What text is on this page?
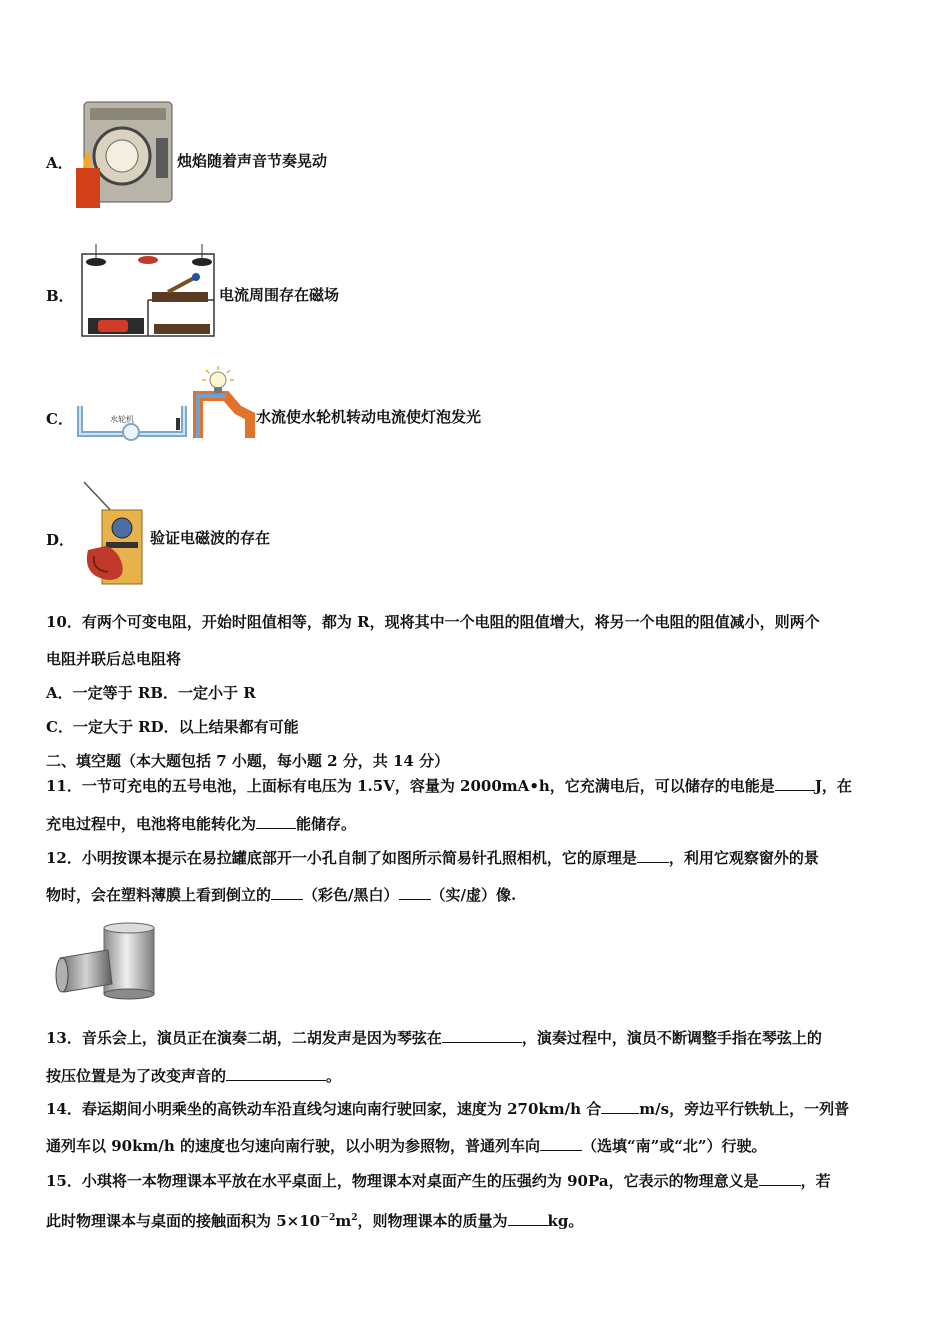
A．	烛焰随着声音节奏晃动
B．	电流周围存在磁场
C．	水轮机	水流使水轮机转动电流使灯泡发光
D．	验证电磁波的存在
10．有两个可变电阻，开始时阻值相等，都为 R，现将其中一个电阻的阻值增大，将另一个电阻的阻值减小，则两个
电阻并联后总电阻将
A．一定等于 RB．一定小于 R
C．一定大于 RD．以上结果都有可能
二、填空题（本大题包括 7 小题，每小题 2 分，共 14 分）
11．一节可充电的五号电池，上面标有电压为 1.5V，容量为 2000mA•h，它充满电后，可以储存的电能是	J，在
充电过程中，电池将电能转化为	能储存。
12．小明按课本提示在易拉罐底部开一小孔自制了如图所示简易针孔照相机，它的原理是 ，利用它观察窗外的景
物时，会在塑料薄膜上看到倒立的 （彩色/黑白） （实/虚）像.
13．音乐会上，演员正在演奏二胡，二胡发声是因为琴弦在	，演奏过程中，演员不断调整手指在琴弦上的
按压位置是为了改变声音的	。
14．春运期间小明乘坐的高铁动车沿直线匀速向南行驶回家，速度为 270km/h 合	m/s，旁边平行铁轨上，一列普
通列车以 90km/h 的速度也匀速向南行驶，以小明为参照物，普通列车向	（选填“南”或“北”）行驶。
15．小琪将一本物理课本平放在水平桌面上，物理课本对桌面产生的压强约为 90Pa，它表示的物理意义是	，若
此时物理课本与桌面的接触面积为 $5\times 10^{-2}m^2$，则物理课本的质量为	kg。
